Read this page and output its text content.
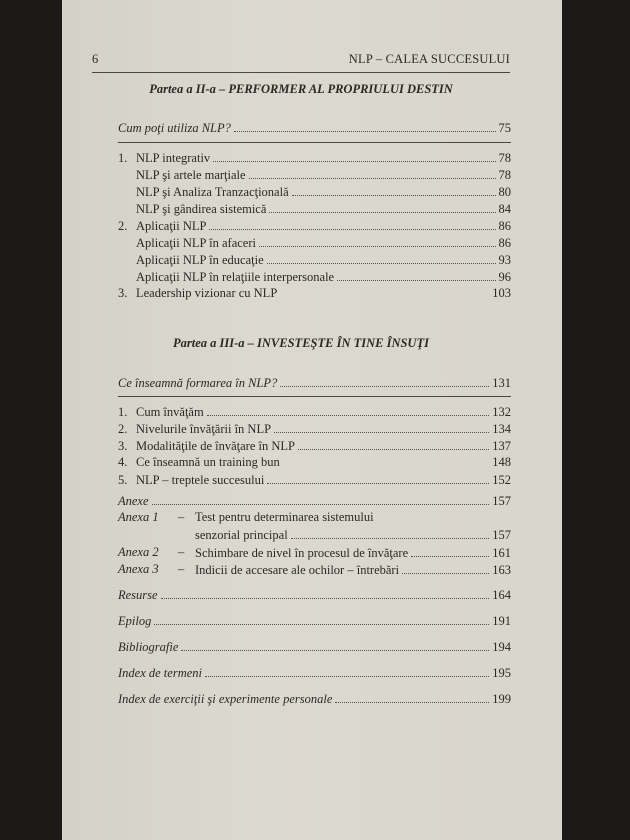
6	NLP – CALEA SUCCESULUI
Partea a II-a – PERFORMER AL PROPRIULUI DESTIN
Cum poţi utiliza NLP?	75
1. NLP integrativ	78
NLP şi artele marţiale	78
NLP şi Analiza Tranzacţională	80
NLP şi gândirea sistemică	84
2. Aplicaţii NLP	86
Aplicaţii NLP în afaceri	86
Aplicaţii NLP în educaţie	93
Aplicaţii NLP în relaţiile interpersonale	96
3. Leadership vizionar cu NLP	103
Partea a III-a – INVESTEŞTE ÎN TINE ÎNSUŢI
Ce înseamnă formarea în NLP?	131
1. Cum învăţăm	132
2. Nivelurile învăţării în NLP	134
3. Modalităţile de învăţare în NLP	137
4. Ce înseamnă un training bun	148
5. NLP – treptele succesului	152
Anexe	157
Anexa 1 – Test pentru determinarea sistemului
senzorial principal	157
Anexa 2 – Schimbare de nivel în procesul de învăţare	161
Anexa 3 – Indicii de accesare ale ochilor – întrebări	163
Resurse	164
Epilog	191
Bibliografie	194
Index de termeni	195
Index de exerciţii şi experimente personale	199
